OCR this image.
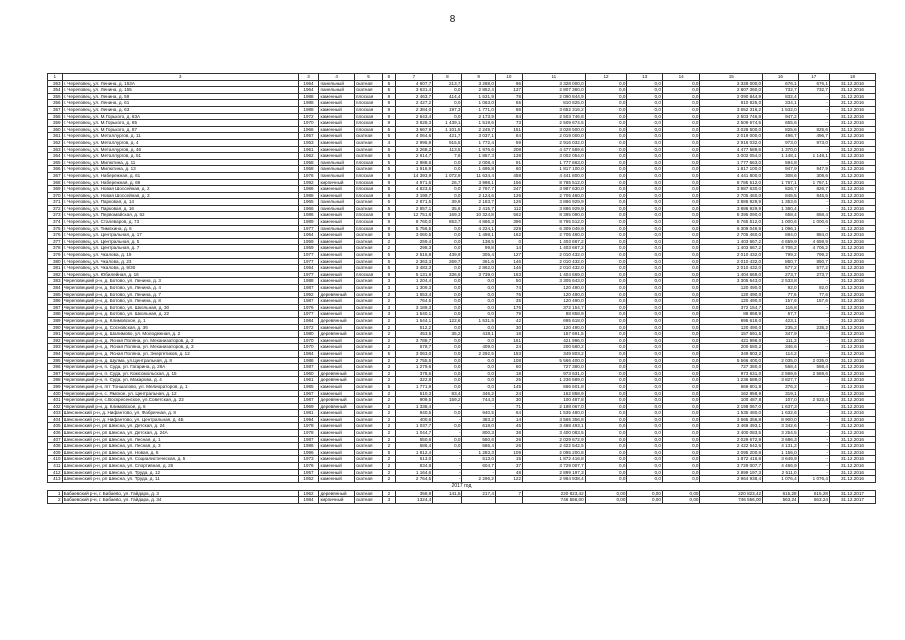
8
1	3	3	4	5	6	7	8	9	10	11	12	13	14	15	16	17	18
353	г. Череповец, ул. Ленина, д. 153А	1964	панельный	скатная	5	4 607,7	213,7	3 288,0	96	3 328 000,0	0,0	0,0	0,0	3 328 000,0	676,1	676,1	31.12.2016
354	г. Череповец, ул. Ленина, д. 155	1964	панельный	скатная	5	3 631,4	0,0	2 852,4	137	2 807 360,0	0,0	0,0	0,0	2 807 360,0	732,7	732,7	31.12.2016
355	г. Череповец, ул. Ленина, д. 59	1988	каменный	плоская	9	2 463,7	414,4	1 531,9	78	2 090 844,9	0,0	0,0	0,0	2 090 844,9	832,4	-	31.12.2016
356	г. Череповец, ул. Ленина, д. 61	1988	каменный	плоская	9	2 427,2	0,0	1 063,0	65	810 825,0	0,0	0,0	0,0	810 825,0	334,1	-	31.12.2016
357	г. Череповец, ул. Ленина, д. 63	1988	каменный	плоская	9	2 384,0	197,3	1 771,0	86	3 652 316,2	0,0	0,0	0,0	3 652 316,2	1 532,0	-	31.12.2016
358	г. Череповец, ул. М.Горького, д. 83А	1972	каменный	плоская	9	2 643,4	0,0	2 173,9	84	2 503 746,8	0,0	0,0	0,0	2 503 746,8	947,2	-	31.12.2016
359	г. Череповец, ул. М.Горького, д. 85	1970	каменный	плоская	9	3 828,3	1 439,1	1 519,6	73	2 509 674,5	0,0	0,0	0,0	2 509 674,5	655,6	-	31.12.2016
360	г. Череповец, ул. М.Горького, д. 87	1966	каменный	плоская	5	3 667,9	1 101,5	2 249,7	151	3 028 500,0	0,0	0,0	0,0	3 028 500,0	825,6	825,6	31.12.2016
361	г. Череповец, ул. Металлургов, д. 11	1957	каменный	скатная	5	4 064,6	421,7	3 037,1	84	2 019 000,0	0,0	0,0	0,0	2 019 000,0	496,7	496,7	31.12.2016
362	г. Череповец, ул. Металлургов, д. 4	1953	каменный	скатная	4	2 996,9	915,5	1 772,4	59	2 916 032,0	0,0	0,0	0,0	2 916 032,0	973,0	973,0	31.12.2016
363	г. Череповец, ул. Металлургов, д. 46	1961	каменный	скатная	5	3 268,2	113,5	1 976,6	208	4 477 589,6	0,0	0,0	0,0	4 477 589,6	1 370,0	-	31.12.2016
364	г. Череповец, ул. Металлургов, д. 51	1962	каменный	скатная	5	2 614,7	7,8	1 857,3	138	3 002 054,0	0,0	0,0	0,0	3 002 054,0	1 148,1	1 148,1	31.12.2016
365	г. Череповец, ул. Милютина, д. 11	1958	панельный	плоская	5	2 988,6	0,0	2 008,4	91	1 777 663,0	0,0	0,0	0,0	1 777 663,0	594,8	-	31.12.2016
366	г. Череповец, ул. Милютина, д. 13	1958	панельный	скатная	5	1 916,9	0,0	1 695,8	60	1 817 100,0	0,0	0,0	0,0	1 817 100,0	947,9	947,9	31.12.2016
367	г. Череповец, ул. Набережная, д. 61	1976	панельный	плоская	9	14 393,9	1 072,9	11 634,4	458	4 441 800,0	0,0	0,0	0,0	4 441 800,0	308,6	308,6	31.12.2016
368	г. Череповец, ул. Набережная, д. 69	1992	кирпичный	плоская	9	4 971,6	26,7	3 998,1	156	8 785 512,0	0,0	0,0	0,0	8 785 512,0	1 767,1	1 767,1	31.12.2016
369	г. Череповец, ул. Новая Шоссейная, д. 2	1986	каменный	плоская	5	4 823,5	0,0	2 767,7	247	3 987 630,0	0,0	0,0	0,0	3 987 630,0	826,7	826,7	31.12.2016
370	г. Череповец, ул. Новая Шоссейная, д. 3	1988	каменный	плоская	9	3 199,7	0,0	2 124,6	126	2 705 460,0	0,0	0,0	0,0	2 705 460,0	845,5	845,5	31.12.2016
371	г. Череповец, ул. Парковая, д. 14	1965	панельный	скатная	5	2 871,5	39,9	2 183,7	126	3 886 929,9	0,0	0,0	0,0	3 886 929,9	1 353,6	-	31.12.2016
372	г. Череповец, ул. Парковая, д. 16	1966	панельный	скатная	5	2 857,1	35,6	2 415,7	112	3 886 929,9	0,0	0,0	0,0	3 886 929,9	1 360,4	-	31.12.2016
373	г. Череповец, ул. Первомайская, д. 62	1986	каменный	плоская	9	12 751,8	169,3	10 324,8	562	8 395 090,0	0,0	0,0	0,0	8 395 090,0	658,4	658,4	31.12.2016
374	г. Череповец, ул. Сталеваров, д. 73	1989	каменный	плоская	9	8 760,0	853,7	4 866,3	396	8 765 512,0	0,0	0,0	0,0	8 765 512,0	1 000,6	1 000,6	31.12.2016
375	г. Череповец, ул. Тимохина, д. 6	1977	панельный	плоская	9	5 756,5	0,0	4 224,1	229	6 309 049,9	0,0	0,0	0,0	6 309 049,9	1 096,1	-	31.12.2016
376	г. Череповец, ул. Центральная, д. 17	1964	каменный	скатная	5	3 060,5	0,0	1 498,1	162	2 705 460,0	0,0	0,0	0,0	2 705 460,0	884,0	884,0	31.12.2016
377	г. Череповец, ул. Центральная, д. 5	1959	каменный	скатная	2	259,4	0,0	138,5	0	1 403 667,2	0,0	0,0	0,0	1 403 667,2	4 659,9	4 659,9	31.12.2016
378	г. Череповец, ул. Центральная, д. 7	1959	каменный	скатная	2	298,3	0,0	99,8	14	1 403 667,2	0,0	0,0	0,0	1 403 667,2	4 706,2	4 706,2	31.12.2016
379	г. Череповец, ул. Чкалова, д. 19	1977	каменный	скатная	5	2 515,8	439,9	305,4	127	2 010 432,0	0,0	0,0	0,0	2 010 432,0	799,2	799,2	31.12.2016
380	г. Череповец, ул. Чкалова, д. 23	1977	каменный	скатная	5	2 363,3	269,7	361,6	146	2 010 432,0	0,0	0,0	0,0	2 010 432,0	850,7	850,7	31.12.2016
381	г. Череповец, ул. Чкалова, д. 9/30	1964	каменный	скатная	5	3 483,3	0,0	2 862,0	146	2 010 432,0	0,0	0,0	0,0	2 010 432,0	577,2	577,2	31.12.2016
382	г. Череповец, ул. Юбилейная, д. 16	1977	каменный	плоская	9	5 131,9	336,6	3 739,0	163	1 404 669,0	0,0	0,0	0,0	1 404 669,0	273,7	273,7	31.12.2016
383	Череповецкий р-н, д. Ботово, ул. Ленина, д. 3	1988	каменный	скатная	3	1 204,4	0,0	0,0	50	3 305 643,0	0,0	0,0	0,0	3 305 643,0	2 533,8	-	31.12.2016
384	Череповецкий р-н, д. Ботово, ул. Ленина, д. 4	1987	каменный	скатная	3	1 309,3	0,0	0,0	74	120 490,0	0,0	0,0	0,0	120 490,0	92,0	92,0	31.12.2016
385	Череповецкий р-н, д. Ботово, ул. Ленина, д. 7	1992	деревянный	скатная	2	1 553,4	0,0	0,0	76	120 490,0	0,0	0,0	0,0	120 490,0	77,6	77,6	31.12.2016
386	Череповецкий р-н, д. Ботово, ул. Ленина, д. 8	1987	каменный	скатная	2	764,5	0,0	0,0	35	120 490,0	0,0	0,0	0,0	120 490,0	157,6	157,6	31.12.2016
387	Череповецкий р-н, д. Ботово, ул. Школьная, д. 30	1976	каменный	скатная	3	3 189,3	0,0	0,0	176	372 154,7	0,0	0,0	0,0	372 154,7	116,8	-	31.12.2016
388	Череповецкий р-н, д. Ботово, ул. Школьная, д. 22	1977	каменный	скатная	3	1 540,1	0,0	0,0	79	88 858,9	0,0	0,0	0,0	88 858,9	57,7	-	31.12.2016
389	Череповецкий р-н, д. Климовское, д. 1	1984	деревянный	скатная	2	1 544,1	122,6	1 531,5	42	695 618,0	0,0	0,0	0,0	695 618,0	423,1	-	31.12.2016
390	Череповецкий р-н, д. Сосновская, д. 36	1972	каменный	скатная	2	512,2	0,0	0,0	30	120 490,0	0,0	0,0	0,0	120 490,0	235,2	235,2	31.12.2016
391	Череповецкий р-н, д. Шалимово, ул. Молодежная, д. 2	1980	деревянный	скатная	2	453,5	35,2	418,1	18	157 691,5	0,0	0,0	0,0	157 691,5	347,9	-	31.12.2016
392	Череповецкий р-н, д. Ясная Поляна, ул. Механизаторов, д. 2	1970	каменный	скатная	2	3 788,7	0,0	0,0	161	421 996,0	0,0	0,0	0,0	421 996,0	111,3	-	31.12.2016
393	Череповецкий р-н, д. Ясная Поляна, ул. Механизаторов, д. 3	1970	каменный	скатная	2	578,7	0,0	409,0	24	200 580,2	0,0	0,0	0,0	200 580,2	346,6	-	31.12.2016
394	Череповецкий р-н, д. Ясная Поляна, ул. Энергетиков, д. 12	1984	каменный	скатная	5	3 063,0	0,0	2 292,5	153	349 803,2	0,0	0,0	0,0	349 803,2	114,2	-	31.12.2016
395	Череповецкий р-н, д. Шулма, ул.Центральная, д. 8	1986	каменный	скатная	2	2 755,5	0,0	0,0	108	5 566 400,0	0,0	0,0	0,0	5 566 400,0	2 035,0	2 035,0	31.12.2016
396	Череповецкий р-н, п. Суда, ул. Гагарина, д. 26А	1987	каменный	скатная	3	1 279,6	0,0	0,0	60	727 380,0	0,0	0,0	0,0	727 380,0	568,4	568,4	31.12.2016
397	Череповецкий р-н, п. Суда, ул. Комсомольская, д. 15	1960	деревянный	скатная	2	378,6	0,0	0,0	18	973 631,0	0,0	0,0	0,0	973 631,0	2 569,6	2 569,6	31.12.2016
398	Череповецкий р-н, п. Суда, ул. Макарова, д. 4	1961	деревянный	скатная	2	322,8	0,0	0,0	25	1 236 589,0	0,0	0,0	0,0	1 236 589,0	3 827,7	-	31.12.2016
399	Череповецкий р-н, пгт Тоншалово, ул. Мелиораторов, д. 1	1985	каменный	скатная	5	1 771,9	0,0	0,0	145	666 601,8	0,0	0,0	0,0	666 601,8	376,2	-	31.12.2016
400	Череповецкий р-н, с. Ямское, ул. Центральная, д. 12	1967	каменный	скатная	2	510,3	83,4	346,2	24	162 858,9	0,0	0,0	0,0	162 858,9	319,1	-	31.12.2016
401	Череповецкий р-н, с.Воскресенское, ул.Советская, д. 22	1987	деревянный	скатная	2	909,5	159,2	744,3	30	100 487,8	0,0	0,0	0,0	100 487,8	107,0	2 522,4	31.12.2016
402	Череповецкий р-н, д. Климовское, д. 6	1969	деревянный	скатная	2	1 338,4	-	-	71	2 198 067,0	0,0	0,0	0,0	2 198 067,0	1 637,3	-	31.12.2016
403	Шекснинский р-н, д. Нифантово, ул. Фабричная, д. 8	1981	каменный	скатная	2	940,5	0,0	940,5	64	1 535 480,0	0,0	0,0	0,0	1 535 480,0	1 632,6	-	31.12.2016
404	Шекснинский р-н, д. Нифантово, ул. Центральная, д. 4Б	1994	каменный	скатная	2	400,6	-	383,2	14	3 565 356,8	0,0	0,0	0,0	3 565 356,8	8 900,0	-	31.12.2016
405	Шекснинский р-н, рп Шексна, ул. Детская, д. 24	1978	каменный	скатная	2	1 037,7	0,0	618,0	45	3 468 493,1	0,0	0,0	0,0	3 468 493,1	3 342,6	-	31.12.2016
406	Шекснинский р-н, рп Шексна, ул. Детская, д. 24А	1978	каменный	скатная	2	1 044,7	-	800,3	38	3 400 083,5	0,0	0,0	0,0	3 400 083,5	3 254,5	-	31.12.2016
407	Шекснинский р-н, рп Шексна, ул. Лесная, д. 1	1987	каменный	скатная	2	550,6	0,0	550,6	26	2 029 672,9	0,0	0,0	0,0	2 029 672,9	3 686,3	-	31.12.2016
408	Шекснинский р-н, рп Шексна, ул. Лесная, д. 3	1986	каменный	скатная	2	586,4	0,0	586,4	26	2 422 542,5	0,0	0,0	0,0	2 422 542,5	4 131,2	-	31.12.2016
409	Шекснинский р-н, рп Шексна, ул. Новая, д. 8	1996	каменный	скатная	5	1 812,4	-	1 283,3	109	2 095 200,8	0,0	0,0	0,0	2 095 200,8	1 156,0	-	31.12.2016
410	Шекснинский р-н, рп Шексна, ул. Социалистическая, д. 5	1973	каменный	скатная	2	513,0	-	513,0	15	1 872 416,8	0,0	0,0	0,0	1 872 416,8	3 649,9	-	31.12.2016
411	Шекснинский р-н, рп Шексна, ул. Спортивная, д. 26	1976	каменный	скатная	2	834,8	-	604,7	37	3 729 007,7	0,0	0,0	0,0	3 729 007,7	4 466,9	-	31.12.2016
412	Шекснинский р-н, рп Шексна, ул. Труда, д. 12	1957	каменный	скатная	2	1 164,6	-	-	48	2 899 197,3	0,0	0,0	0,0	2 899 197,3	2 511,0	-	31.12.2016
413	Шекснинский р-н, рп Шексна, ул. Труда, д. 11	1952	каменный	скатная	2	2 764,5	-	2 296,2	122	2 964 938,4	0,0	0,0	0,0	2 964 938,4	1 076,4	1 076,4	31.12.2016
2017 год																	
1	Бабаевский р-н, г. Бабаево, ул. Гайдара, д. 3	1962	деревянный	скатная	2	358,9	141,5	217,4	7	220 823,42	0,00	0,00	0,00	220 823,42	615,28	615,28	31.12.2017
2	Бабаевский р-н, г. Бабаево, ул. Гайдара, д. 34	1984	кирпичный	скатная	3	1324,4				746 556,00	0,00	0,00	0,00	746 556,00	563,24	563,24	31.12.2017
